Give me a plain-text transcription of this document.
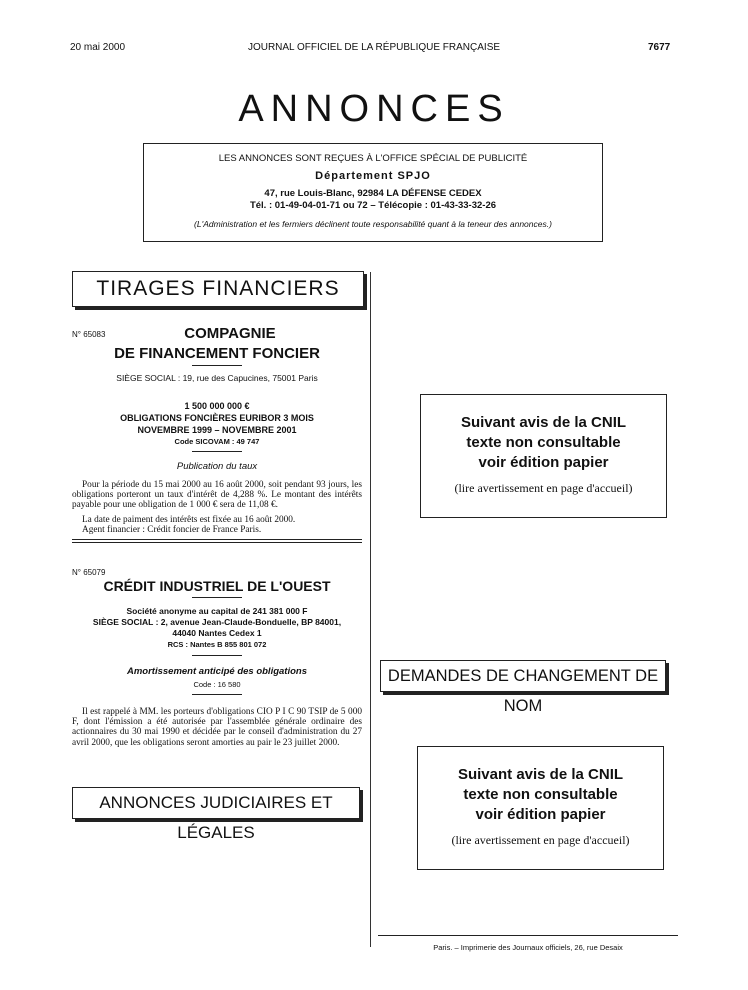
20 mai 2000	JOURNAL OFFICIEL DE LA RÉPUBLIQUE FRANÇAISE	7677
ANNONCES
LES ANNONCES SONT REÇUES À L'OFFICE SPÉCIAL DE PUBLICITÉ
Département SPJO
47, rue Louis-Blanc, 92984 LA DÉFENSE CEDEX
Tél. : 01-49-04-01-71 ou 72 – Télécopie : 01-43-33-32-26
(L'Administration et les fermiers déclinent toute responsabilité quant à la teneur des annonces.)
TIRAGES FINANCIERS
N° 65083	COMPAGNIE
DE FINANCEMENT FONCIER
SIÈGE SOCIAL : 19, rue des Capucines, 75001 Paris
1 500 000 000 €
OBLIGATIONS FONCIÈRES EURIBOR 3 MOIS
NOVEMBRE 1999 – NOVEMBRE 2001
Code SICOVAM : 49 747
Publication du taux
Pour la période du 15 mai 2000 au 16 août 2000, soit pendant 93 jours, les obligations porteront un taux d'intérêt de 4,288 %. Le montant des intérêts payable pour une obligation de 1 000 € sera de 11,08 €.
La date de paiment des intérêts est fixée au 16 août 2000.
Agent financier : Crédit foncier de France Paris.
N° 65079
CRÉDIT INDUSTRIEL DE L'OUEST
Société anonyme au capital de 241 381 000 F
SIÈGE SOCIAL : 2, avenue Jean-Claude-Bonduelle, BP 84001,
44040 Nantes Cedex 1
RCS : Nantes B 855 801 072
Amortissement anticipé des obligations
Code : 16 580
Il est rappelé à MM. les porteurs d'obligations CIO P I C 90 TSIP de 5 000 F, dont l'émission a été autorisée par l'assemblée générale ordinaire des actionnaires du 30 mai 1990 et décidée par le conseil d'administration du 27 avril 2000, que les obligations seront amorties au pair le 23 juillet 2000.
ANNONCES JUDICIAIRES ET LÉGALES
Suivant avis de la CNIL
texte non consultable
voir édition papier
(lire avertissement en page d'accueil)
DEMANDES DE CHANGEMENT DE NOM
Suivant avis de la CNIL
texte non consultable
voir édition papier
(lire avertissement en page d'accueil)
Paris. – Imprimerie des Journaux officiels, 26, rue Desaix
